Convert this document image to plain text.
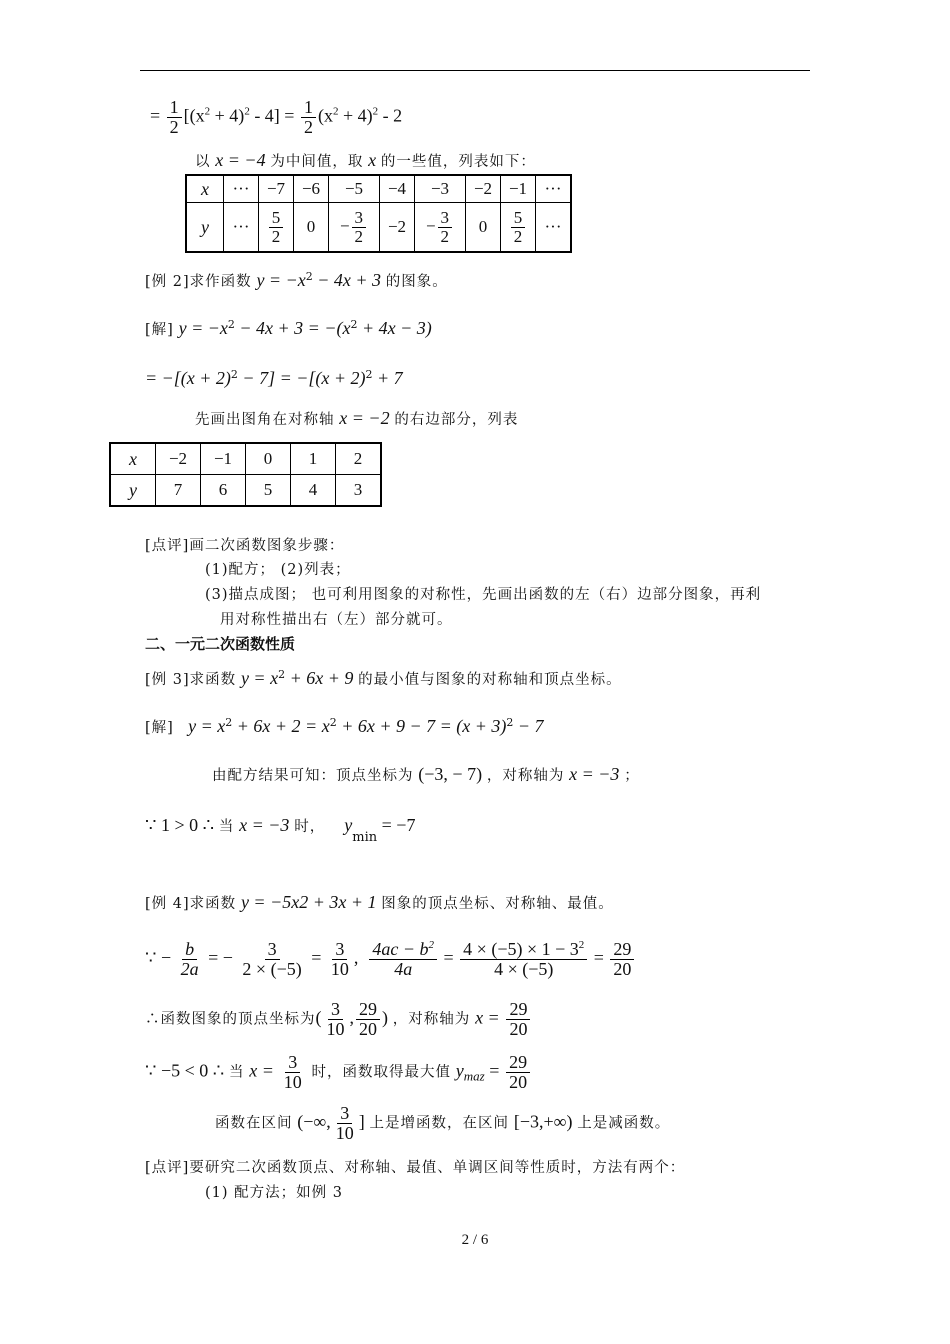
= $\frac{1}{2} [(x^2 + 4)^2 - 4] = \frac{1}{2} (x^2 + 4)^2 - 2$
以 x = −4 为中间值，取 x 的一些值，列表如下：
x	···	−7	−6	−5	−4	−3	−2	−1	···
y	···	$\frac{5}{2}$	0	− $\frac{3}{2}$	−2	− $\frac{3}{2}$	0	$\frac{5}{2}$	···
[例 2]求作函数 $y = -x^2 - 4x + 3$ 的图象。
[解] $y = -x^2 - 4x + 3 = -(x^2 + 4x - 3)$
= $-[(x + 2)^2 - 7] = -[(x + 2)^2 + 7$
先画出图角在对称轴 x = −2 的右边部分，列表
x	−2	−1	0	1	2
y	7	6	5	4	3
[点评]画二次函数图象步骤：
(1)配方； (2)列表；
(3)描点成图； 也可利用图象的对称性，先画出函数的左（右）边部分图象，再利
用对称性描出右（左）部分就可。
二、一元二次函数性质
[例 3]求函数 $y = x^2 + 6x + 9$ 的最小值与图象的对称轴和顶点坐标。
[解] $y = x^2 + 6x + 2 = x^2 + 6x + 9 - 7 = (x + 3)^2 - 7$
由配方结果可知：顶点坐标为 (−3, − 7) ，对称轴为 x = −3 ；
∵ 1 > 0 ∴ 当 x = −3 时， $y_{min} = -7$
[例 4]求函数 y = −5x2 + 3x + 1 图象的顶点坐标、对称轴、最值。
∵ − $\frac{b}{2a}$ = − $\frac{3}{2 \times (-5)} = \frac{3}{10}$ , $\frac{4ac - b^2}{4a} = \frac{4 \times (-5) \times 1 - 3^2}{4 \times (-5)} = \frac{29}{20}$
∴函数图象的顶点坐标为( $\frac{3}{10}$ , $\frac{29}{20}$ ) ，对称轴为 $x = \frac{29}{20}$
∵ −5 < 0 ∴ 当 $x = \frac{3}{10}$ 时，函数取得最大值 $y_{maz} = \frac{29}{20}$
函数在区间 (−∞, $\frac{3}{10}$ ] 上是增函数，在区间 [−3,+∞) 上是减函数。
[点评]要研究二次函数顶点、对称轴、最值、单调区间等性质时，方法有两个：
(1) 配方法；如例 3
2 / 6
